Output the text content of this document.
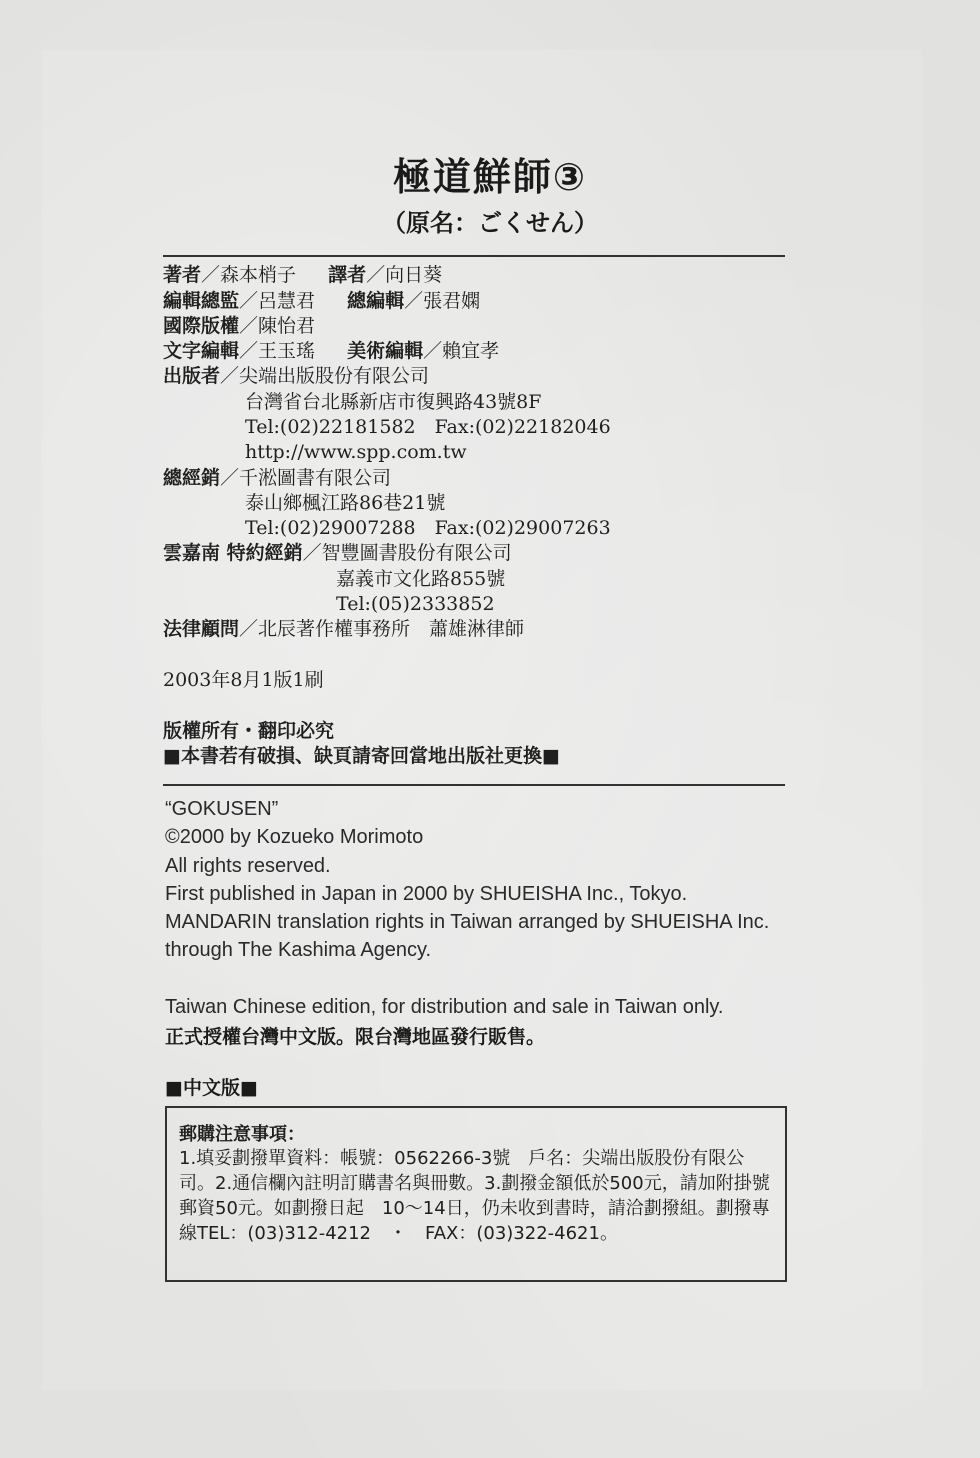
極道鮮師③
（原名：ごくせん）
著者／森本梢子 譯者／向日葵
編輯總監／呂慧君 總編輯／張君嫻
國際版權／陳怡君
文字編輯／王玉瑤 美術編輯／賴宜孝
出版者／尖端出版股份有限公司
台灣省台北縣新店市復興路43號8F
Tel:(02)22181582　Fax:(02)22182046
http://www.spp.com.tw
總經銷／千淞圖書有限公司
泰山鄉楓江路86巷21號
Tel:(02)29007288　Fax:(02)29007263
雲嘉南 特約經銷／智豐圖書股份有限公司
嘉義市文化路855號
Tel:(05)2333852
法律顧問／北辰著作權事務所　蕭雄淋律師
2003年8月1版1刷
版權所有・翻印必究
■本書若有破損、缺頁請寄回當地出版社更換■
“GOKUSEN”
©2000 by Kozueko Morimoto
All rights reserved.
First published in Japan in 2000 by SHUEISHA Inc., Tokyo.
MANDARIN translation rights in Taiwan arranged by SHUEISHA Inc.
through The Kashima Agency.
Taiwan Chinese edition, for distribution and sale in Taiwan only.
正式授權台灣中文版。限台灣地區發行販售。
■中文版■
郵購注意事項：
1.填妥劃撥單資料：帳號：0562266-3號　戶名：尖端出版股份有限公司。2.通信欄內註明訂購書名與冊數。3.劃撥金額低於500元，請加附掛號郵資50元。如劃撥日起　10～14日，仍未收到書時，請洽劃撥組。劃撥專線TEL：(03)312-4212　・　FAX：(03)322-4621。
